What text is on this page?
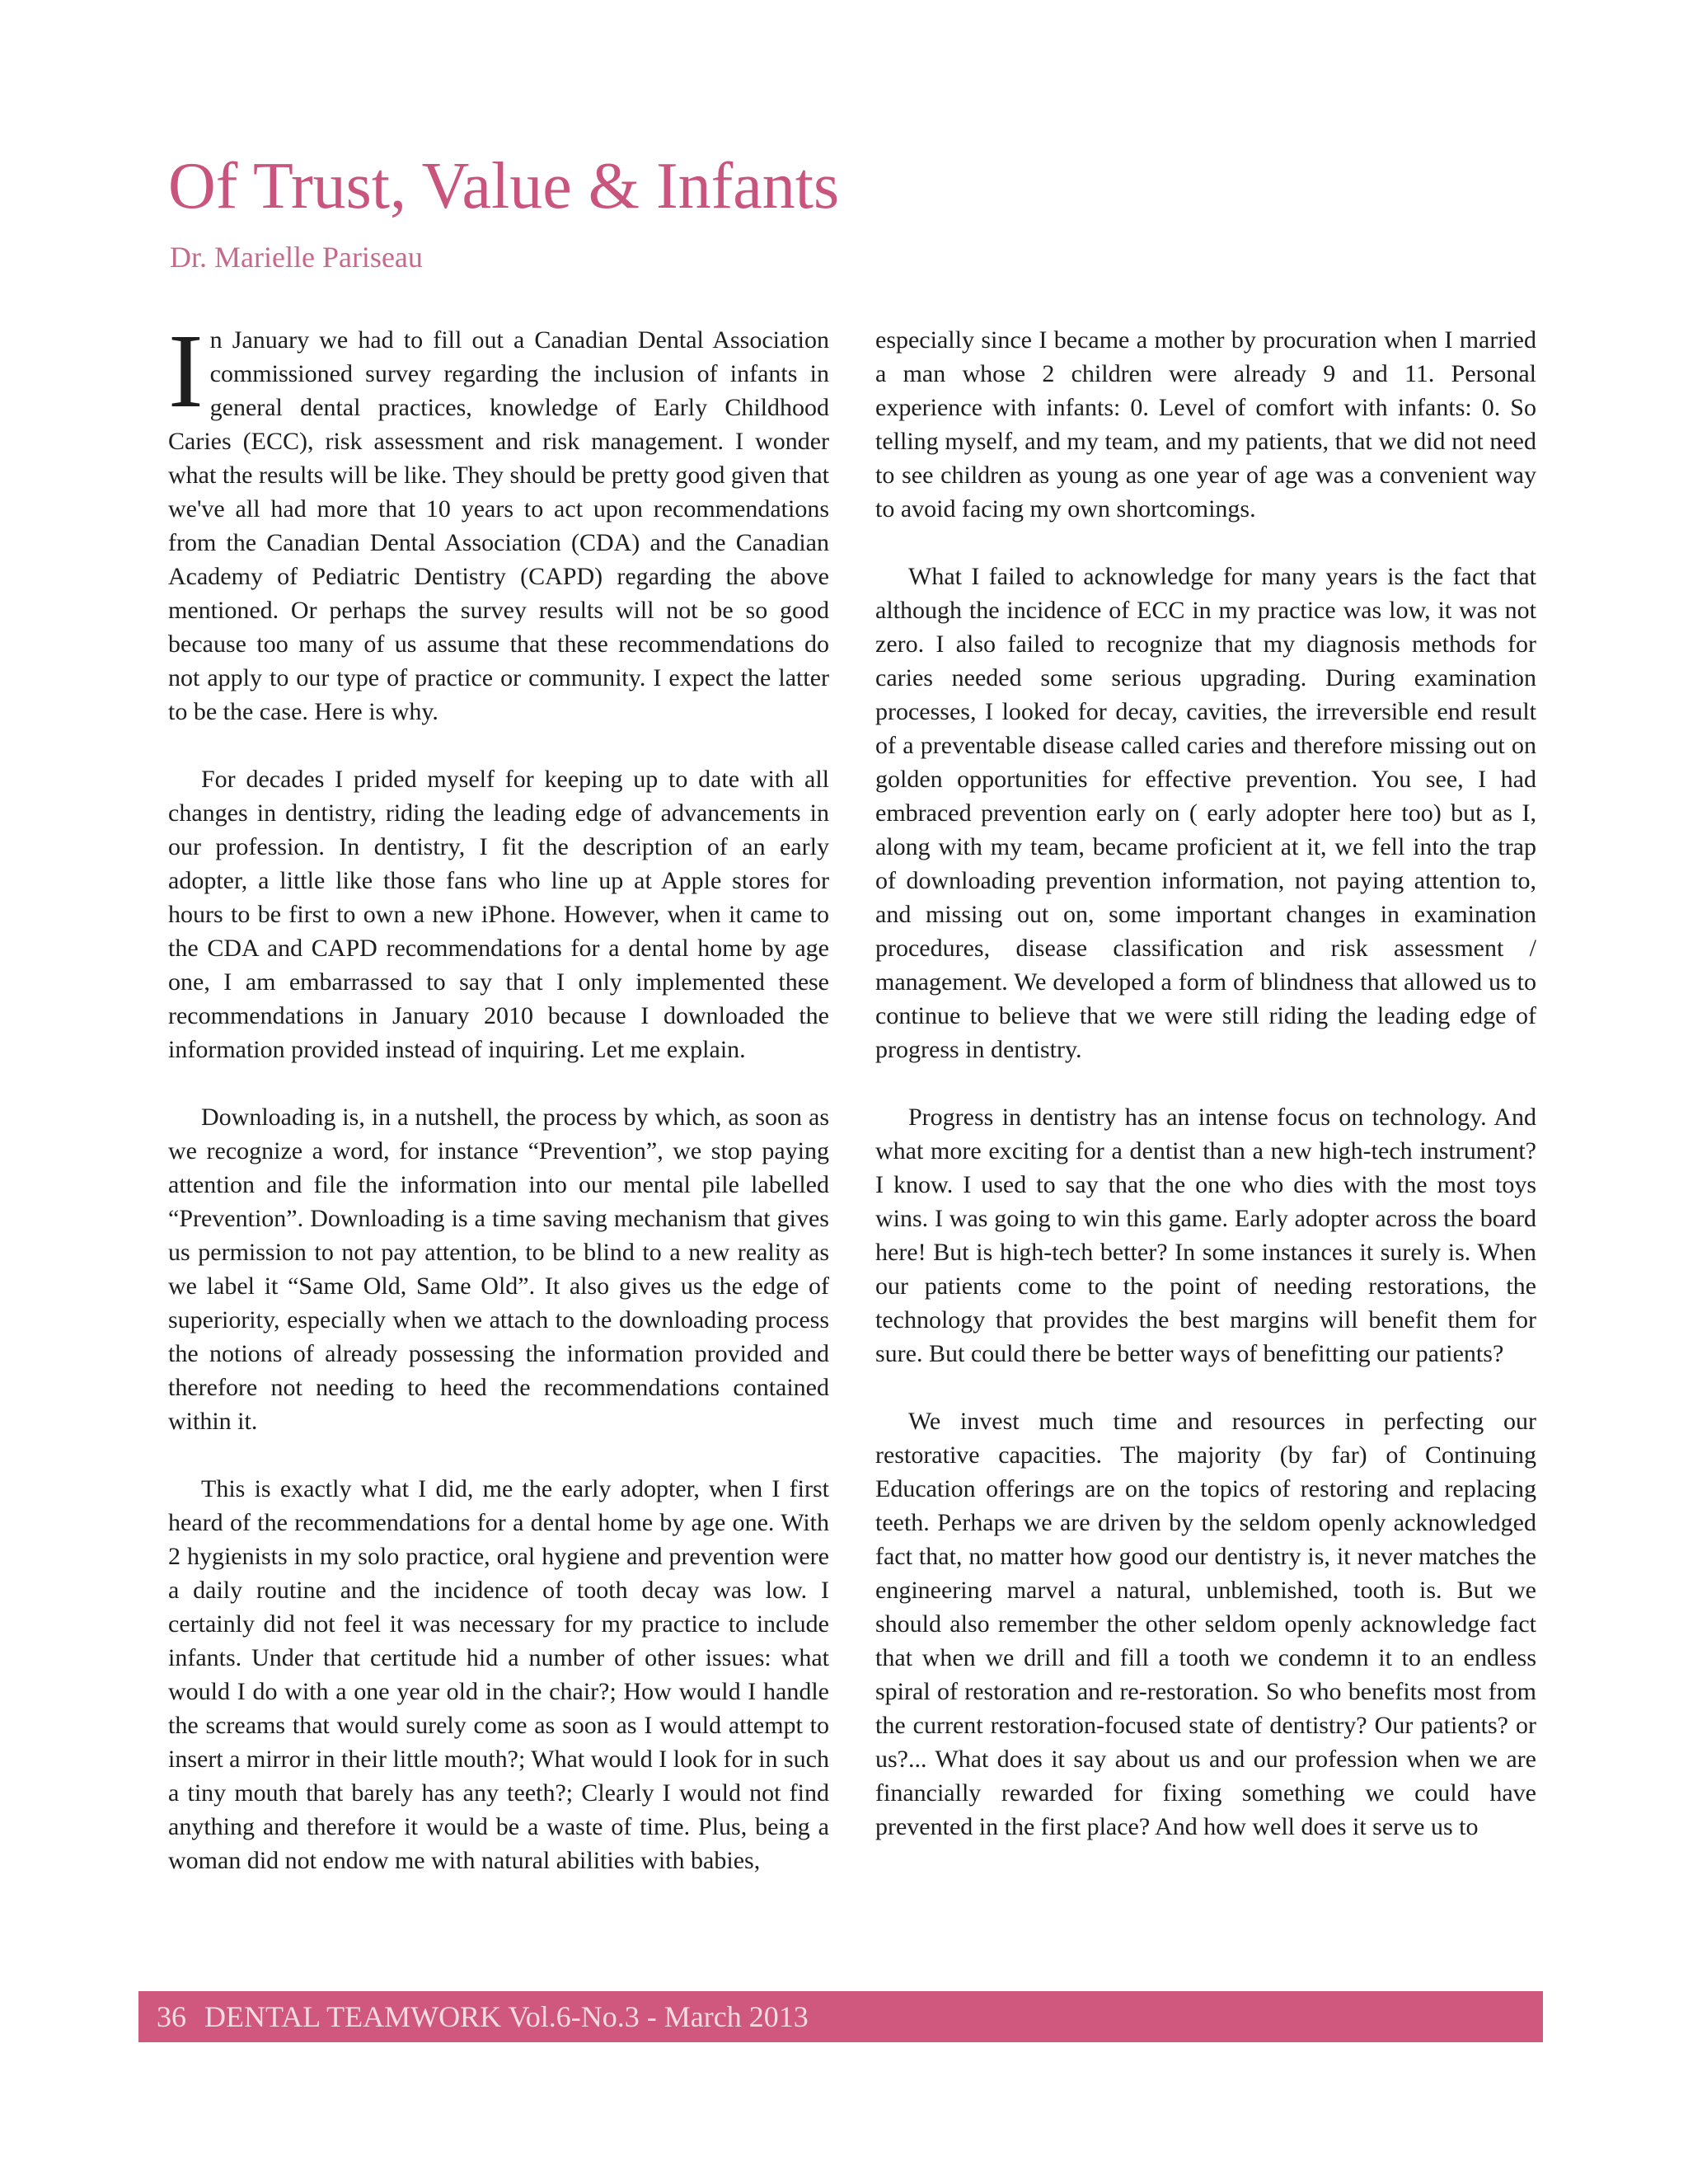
Of Trust, Value & Infants

Dr. Marielle Pariseau

In January we had to fill out a Canadian Dental Association commissioned survey regarding the inclusion of infants in general dental practices, knowledge of Early Childhood Caries (ECC), risk assessment and risk management. I wonder what the results will be like. They should be pretty good given that we've all had more that 10 years to act upon recommendations from the Canadian Dental Association (CDA) and the Canadian Academy of Pediatric Dentistry (CAPD) regarding the above mentioned. Or perhaps the survey results will not be so good because too many of us assume that these recommendations do not apply to our type of practice or community. I expect the latter to be the case. Here is why.

For decades I prided myself for keeping up to date with all changes in dentistry, riding the leading edge of advancements in our profession. In dentistry, I fit the description of an early adopter, a little like those fans who line up at Apple stores for hours to be first to own a new iPhone. However, when it came to the CDA and CAPD recommendations for a dental home by age one, I am embarrassed to say that I only implemented these recommendations in January 2010 because I downloaded the information provided instead of inquiring. Let me explain.

Downloading is, in a nutshell, the process by which, as soon as we recognize a word, for instance “Prevention”, we stop paying attention and file the information into our mental pile labelled “Prevention”. Downloading is a time saving mechanism that gives us permission to not pay attention, to be blind to a new reality as we label it “Same Old, Same Old”. It also gives us the edge of superiority, especially when we attach to the downloading process the notions of already possessing the information provided and therefore not needing to heed the recommendations contained within it.

This is exactly what I did, me the early adopter, when I first heard of the recommendations for a dental home by age one. With 2 hygienists in my solo practice, oral hygiene and prevention were a daily routine and the incidence of tooth decay was low. I certainly did not feel it was necessary for my practice to include infants. Under that certitude hid a number of other issues: what would I do with a one year old in the chair?; How would I handle the screams that would surely come as soon as I would attempt to insert a mirror in their little mouth?; What would I look for in such a tiny mouth that barely has any teeth?; Clearly I would not find anything and therefore it would be a waste of time. Plus, being a woman did not endow me with natural abilities with babies,

especially since I became a mother by procuration when I married a man whose 2 children were already 9 and 11. Personal experience with infants: 0. Level of comfort with infants: 0. So telling myself, and my team, and my patients, that we did not need to see children as young as one year of age was a convenient way to avoid facing my own shortcomings.

What I failed to acknowledge for many years is the fact that although the incidence of ECC in my practice was low, it was not zero. I also failed to recognize that my diagnosis methods for caries needed some serious upgrading. During examination processes, I looked for decay, cavities, the irreversible end result of a preventable disease called caries and therefore missing out on golden opportunities for effective prevention. You see, I had embraced prevention early on ( early adopter here too) but as I, along with my team, became proficient at it, we fell into the trap of downloading prevention information, not paying attention to, and missing out on, some important changes in examination procedures, disease classification and risk assessment / management. We developed a form of blindness that allowed us to continue to believe that we were still riding the leading edge of progress in dentistry.

Progress in dentistry has an intense focus on technology. And what more exciting for a dentist than a new high-tech instrument? I know. I used to say that the one who dies with the most toys wins. I was going to win this game. Early adopter across the board here! But is high-tech better? In some instances it surely is. When our patients come to the point of needing restorations, the technology that provides the best margins will benefit them for sure. But could there be better ways of benefitting our patients?

We invest much time and resources in perfecting our restorative capacities. The majority (by far) of Continuing Education offerings are on the topics of restoring and replacing teeth. Perhaps we are driven by the seldom openly acknowledged fact that, no matter how good our dentistry is, it never matches the engineering marvel a natural, unblemished, tooth is. But we should also remember the other seldom openly acknowledge fact that when we drill and fill a tooth we condemn it to an endless spiral of restoration and re-restoration. So who benefits most from the current restoration-focused state of dentistry? Our patients? or us?... What does it say about us and our profession when we are financially rewarded for fixing something we could have prevented in the first place? And how well does it serve us to

36 DENTAL TEAMWORK Vol.6-No.3 - March 2013
